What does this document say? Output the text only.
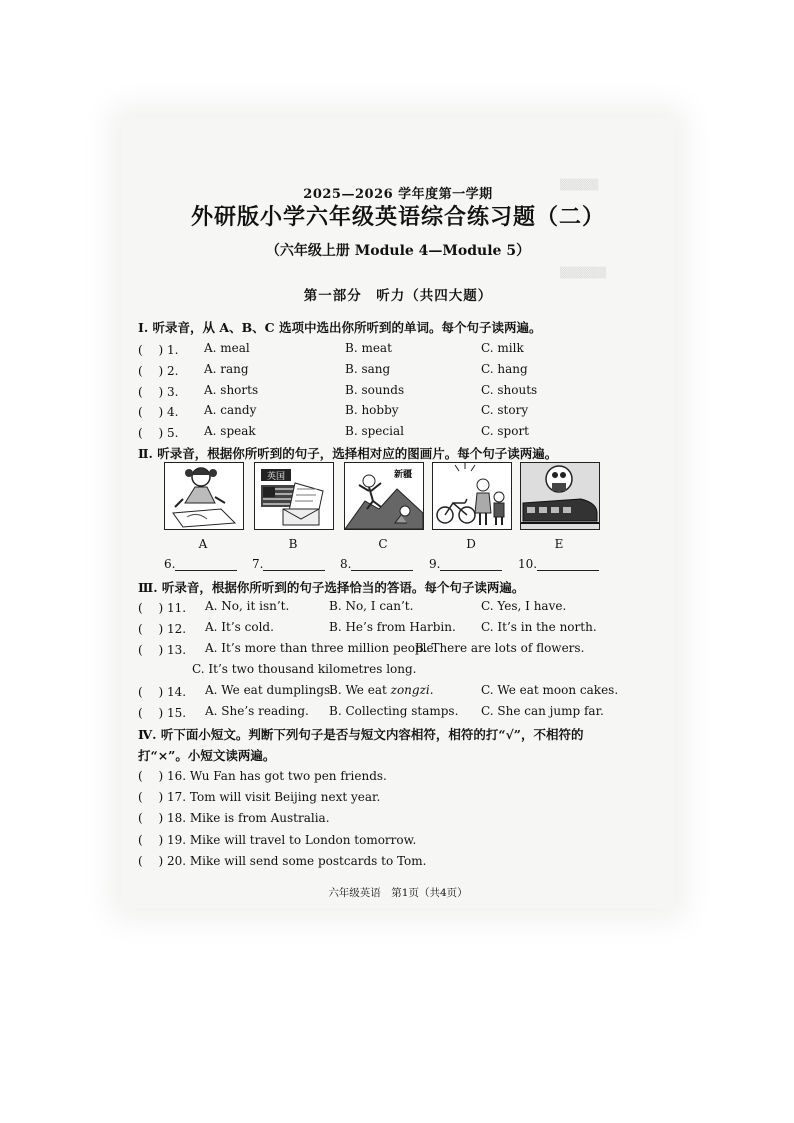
▒▒▒▒▒
▒▒▒▒▒▒
2025—2026 学年度第一学期
外研版小学六年级英语综合练习题（二）
（六年级上册 Module 4—Module 5）
第一部分　听力（共四大题）
Ⅰ. 听录音，从 A、B、C 选项中选出你所听到的单词。每个句子读两遍。
( 　) 1. A. meal	B. meat	C. milk
( 　) 2. A. rang	B. sang	C. hang
( 　) 3. A. shorts	B. sounds	C. shouts
( 　) 4. A. candy	B. hobby	C. story
( 　) 5. A. speak	B. special	C. sport
Ⅱ. 听录音，根据你所听到的句子，选择相对应的图画片。每个句子读两遍。
英国	新疆
A	B	C	D	E
6.	7.	8.	9.	10.
Ⅲ. 听录音，根据你所听到的句子选择恰当的答语。每个句子读两遍。
( 　) 11. A. No, it isn’t.	B. No, I can’t.	C. Yes, I have.
( 　) 12. A. It’s cold.	B. He’s from Harbin. C. It’s in the north.
( 　) 13. A. It’s more than three million people.
B. There are lots of flowers.
C. It’s two thousand kilometres long.
( 　) 14. A. We eat dumplings.
B. We eat zongzi.	C. We eat moon cakes.
( 　) 15. A. She’s reading. B. Collecting stamps. C. She can jump far.
Ⅳ. 听下面小短文。判断下列句子是否与短文内容相符，相符的打“√”，不相符的
打“×”。小短文读两遍。
( 　) 16. Wu Fan has got two pen friends.
( 　) 17. Tom will visit Beijing next year.
( 　) 18. Mike is from Australia.
( 　) 19. Mike will travel to London tomorrow.
( 　) 20. Mike will send some postcards to Tom.
六年级英语　第1页（共4页）
